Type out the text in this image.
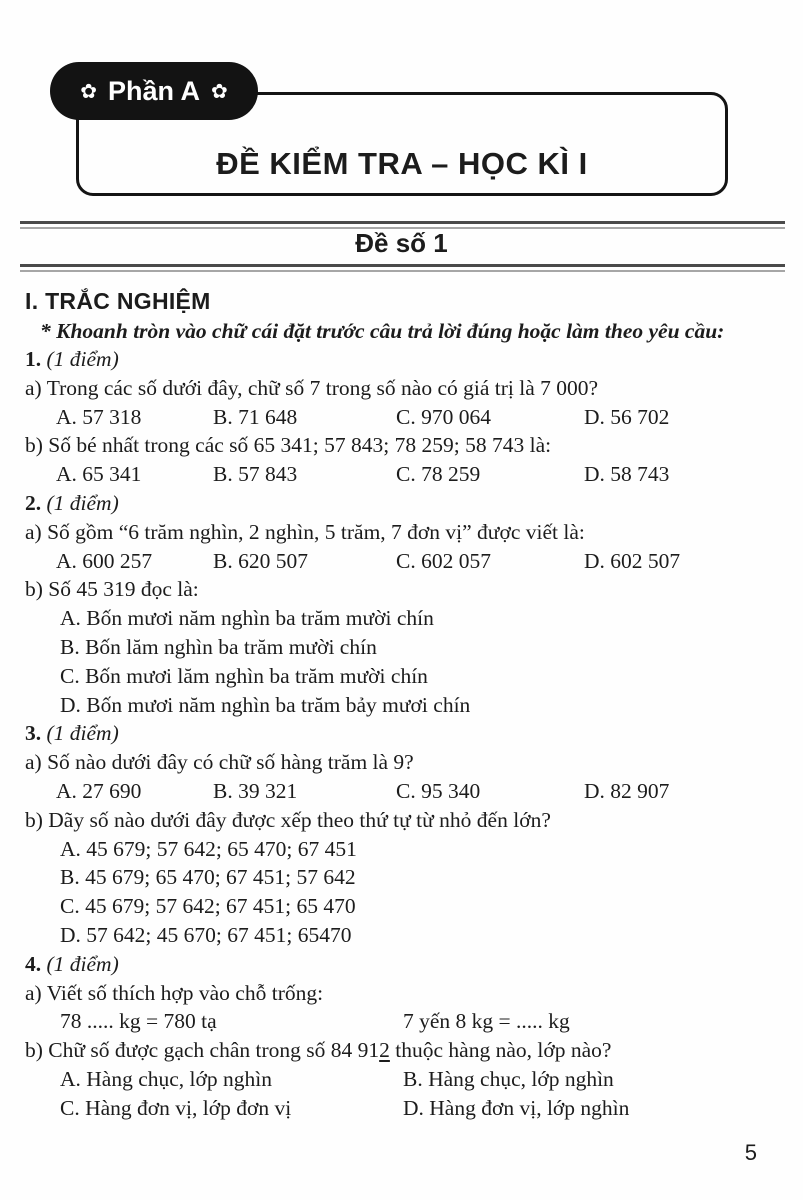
✿ Phần A ✿
ĐỀ KIỂM TRA – HỌC KÌ I
Đề số 1
I. TRẮC NGHIỆM
* Khoanh tròn vào chữ cái đặt trước câu trả lời đúng hoặc làm theo yêu cầu:
1. (1 điểm)
a) Trong các số dưới đây, chữ số 7 trong số nào có giá trị là 7 000?
A. 57 318	B. 71 648	C. 970 064	D. 56 702
b) Số bé nhất trong các số 65 341; 57 843; 78 259; 58 743 là:
A. 65 341	B. 57 843	C. 78 259	D. 58 743
2. (1 điểm)
a) Số gồm “6 trăm nghìn, 2 nghìn, 5 trăm, 7 đơn vị” được viết là:
A. 600 257	B. 620 507	C. 602 057	D. 602 507
b) Số 45 319 đọc là:
A. Bốn mươi năm nghìn ba trăm mười chín
B. Bốn lăm nghìn ba trăm mười chín
C. Bốn mươi lăm nghìn ba trăm mười chín
D. Bốn mươi năm nghìn ba trăm bảy mươi chín
3. (1 điểm)
a) Số nào dưới đây có chữ số hàng trăm là 9?
A. 27 690	B. 39 321	C. 95 340	D. 82 907
b) Dãy số nào dưới đây được xếp theo thứ tự từ nhỏ đến lớn?
A. 45 679; 57 642; 65 470; 67 451
B. 45 679; 65 470; 67 451; 57 642
C. 45 679; 57 642; 67 451; 65 470
D. 57 642; 45 670; 67 451; 65470
4. (1 điểm)
a) Viết số thích hợp vào chỗ trống:
78 ..... kg = 780 tạ	7 yến 8 kg = ..... kg
b) Chữ số được gạch chân trong số 84 912 thuộc hàng nào, lớp nào?
A. Hàng chục, lớp nghìn	B. Hàng chục, lớp nghìn
C. Hàng đơn vị, lớp đơn vị	D. Hàng đơn vị, lớp nghìn
5
